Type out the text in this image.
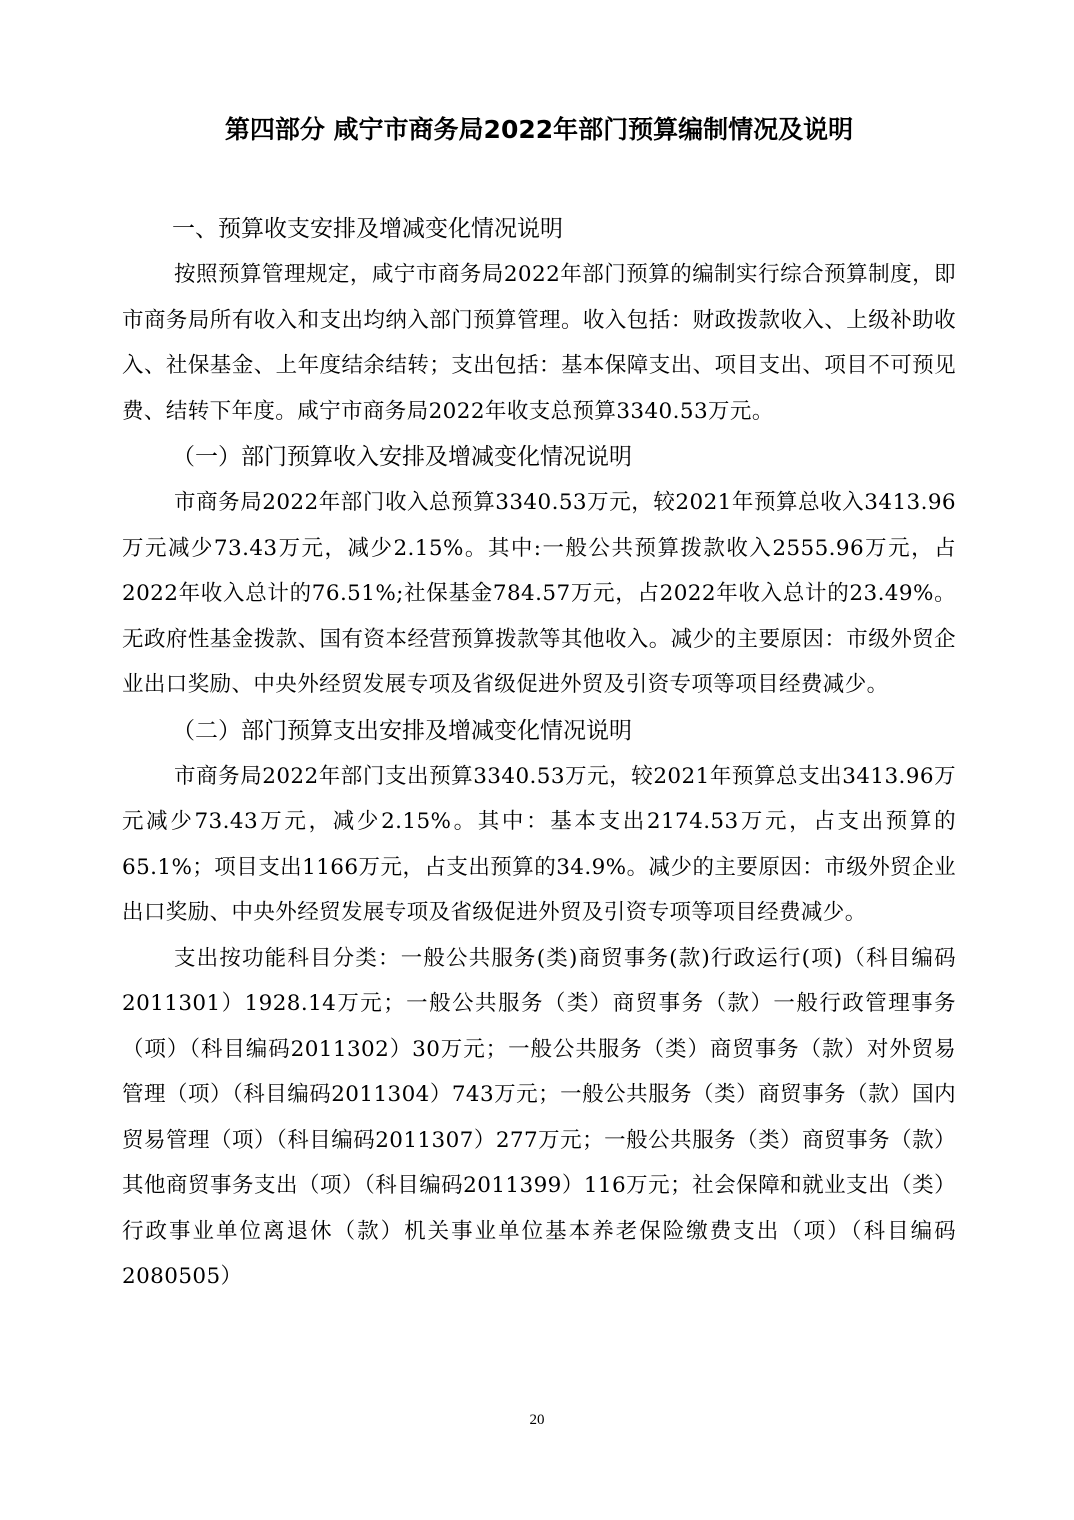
第四部分 咸宁市商务局2022年部门预算编制情况及说明

一、预算收支安排及增减变化情况说明

按照预算管理规定，咸宁市商务局2022年部门预算的编制实行综合预算制度，即市商务局所有收入和支出均纳入部门预算管理。收入包括：财政拨款收入、上级补助收入、社保基金、上年度结余结转；支出包括：基本保障支出、项目支出、项目不可预见费、结转下年度。咸宁市商务局2022年收支总预算3340.53万元。

（一）部门预算收入安排及增减变化情况说明

市商务局2022年部门收入总预算3340.53万元，较2021年预算总收入3413.96万元减少73.43万元，减少2.15%。其中:一般公共预算拨款收入2555.96万元，占2022年收入总计的76.51%;社保基金784.57万元，占2022年收入总计的23.49%。无政府性基金拨款、国有资本经营预算拨款等其他收入。减少的主要原因：市级外贸企业出口奖励、中央外经贸发展专项及省级促进外贸及引资专项等项目经费减少。

（二）部门预算支出安排及增减变化情况说明

市商务局2022年部门支出预算3340.53万元，较2021年预算总支出3413.96万元减少73.43万元，减少2.15%。其中：基本支出2174.53万元，占支出预算的65.1%；项目支出1166万元，占支出预算的34.9%。减少的主要原因：市级外贸企业出口奖励、中央外经贸发展专项及省级促进外贸及引资专项等项目经费减少。

支出按功能科目分类：一般公共服务(类)商贸事务(款)行政运行(项)（科目编码2011301）1928.14万元；一般公共服务（类）商贸事务（款）一般行政管理事务（项）（科目编码2011302）30万元；一般公共服务（类）商贸事务（款）对外贸易管理（项）（科目编码2011304）743万元；一般公共服务（类）商贸事务（款）国内贸易管理（项）（科目编码2011307）277万元；一般公共服务（类）商贸事务（款）其他商贸事务支出（项）（科目编码2011399）116万元；社会保障和就业支出（类）行政事业单位离退休（款）机关事业单位基本养老保险缴费支出（项）（科目编码2080505）

20
